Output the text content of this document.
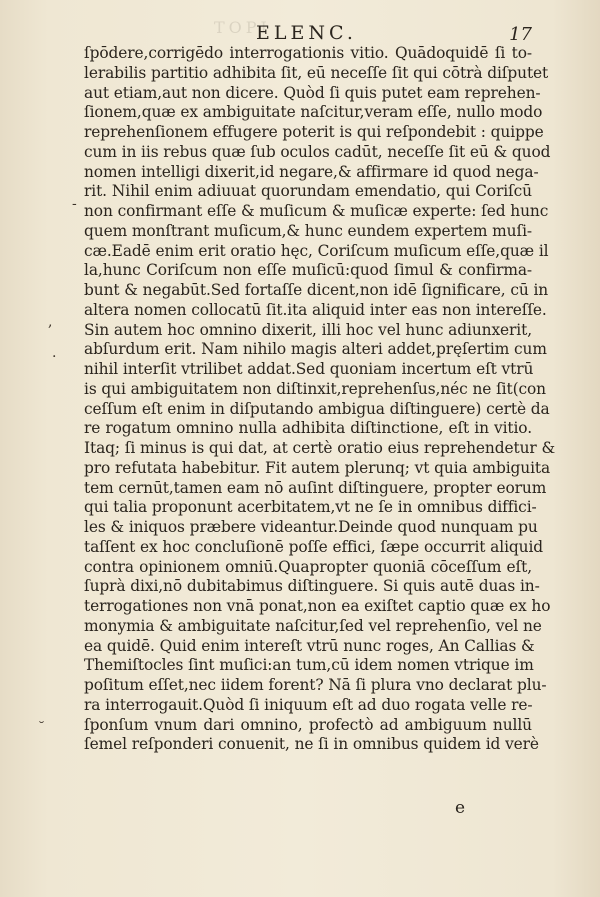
TOPI
ELENC.	17
-
,
.
˘
ſpōdere,corrigēdo interrogationis vitio. Quādoquidē ſi to-
lerabilis partitio adhibita ſit, eū neceſſe ſit qui cōtrà diſputet
aut etiam,aut non dicere. Quòd ſi quis putet eam reprehen-
ſionem,quæ ex ambiguitate naſcitur,veram eſſe, nullo modo
reprehenſionem effugere poterit is qui reſpondebit : quippe
cum in iis rebus quæ ſub oculos cadūt, neceſſe ſit eū & quod
nomen intelligi dixerit,id negare,& affirmare id quod nega-
rit. Nihil enim adiuuat quorundam emendatio, qui Coriſcū
non confirmant eſſe & muſicum & muſicæ experte: ſed hunc
quem monſtrant muſicum,& hunc eundem expertem muſi-
cæ.Eadē enim erit oratio hęc, Coriſcum muſicum eſſe,quæ il
la,hunc Coriſcum non eſſe muſicū:quod ſimul & confirma-
bunt & negabūt.Sed fortaſſe dicent,non idē ſignificare, cū in
altera nomen collocatū ſit.ita aliquid inter eas non intereſſe.
Sin autem hoc omnino dixerit, illi hoc vel hunc adiunxerit,
abſurdum erit. Nam nihilo magis alteri addet,pręſertim cum
nihil interſit vtrilibet addat.Sed quoniam incertum eſt vtrū
is qui ambiguitatem non diſtinxit,reprehenſus,néc ne ſit(con
ceſſum eſt enim in diſputando ambigua diſtinguere) certè da
re rogatum omnino nulla adhibita diſtinctione, eſt in vitio.
Itaq; ſi minus is qui dat, at certè oratio eius reprehendetur &
pro refutata habebitur. Fit autem plerunq; vt quia ambiguita
tem cernūt,tamen eam nō auſint diſtinguere, propter eorum
qui talia proponunt acerbitatem,vt ne ſe in omnibus diffici-
les & iniquos præbere videantur.Deinde quod nunquam pu
taſſent ex hoc concluſionē poſſe effici, ſæpe occurrit aliquid
contra opinionem omniū.Quapropter quoniā cōceſſum eſt,
ſuprà dixi,nō dubitabimus diſtinguere. Si quis autē duas in-
terrogationes non vnā ponat,non ea exiſtet captio quæ ex ho
monymia & ambiguitate naſcitur,ſed vel reprehenſio, vel ne
ea quidē. Quid enim intereſt vtrū nunc roges, An Callias &
Themiſtocles ſint muſici:an tum,cū idem nomen vtrique im
poſitum eſſet,nec iidem forent? Nā ſi plura vno declarat plu-
ra interrogauit.Quòd ſi iniquum eſt ad duo rogata velle re-
ſponſum vnum dari omnino, profectò ad ambiguum nullū
ſemel reſponderi conuenit, ne ſi in omnibus quidem id verè
e
